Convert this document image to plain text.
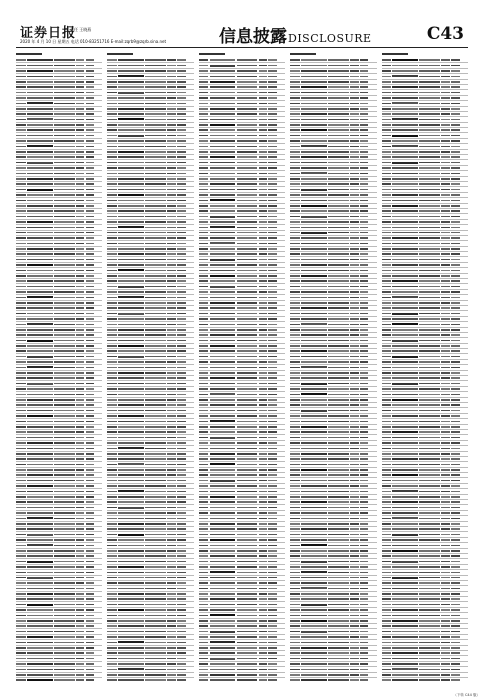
证券日报
责任 王晓燕
2020 年 4 月 10 日 星期五 电话 010-83251716 E-mail:zqrb9@zqrb.sina.net	信息披露DISCLOSURE	C43
（下转 C44 版）
